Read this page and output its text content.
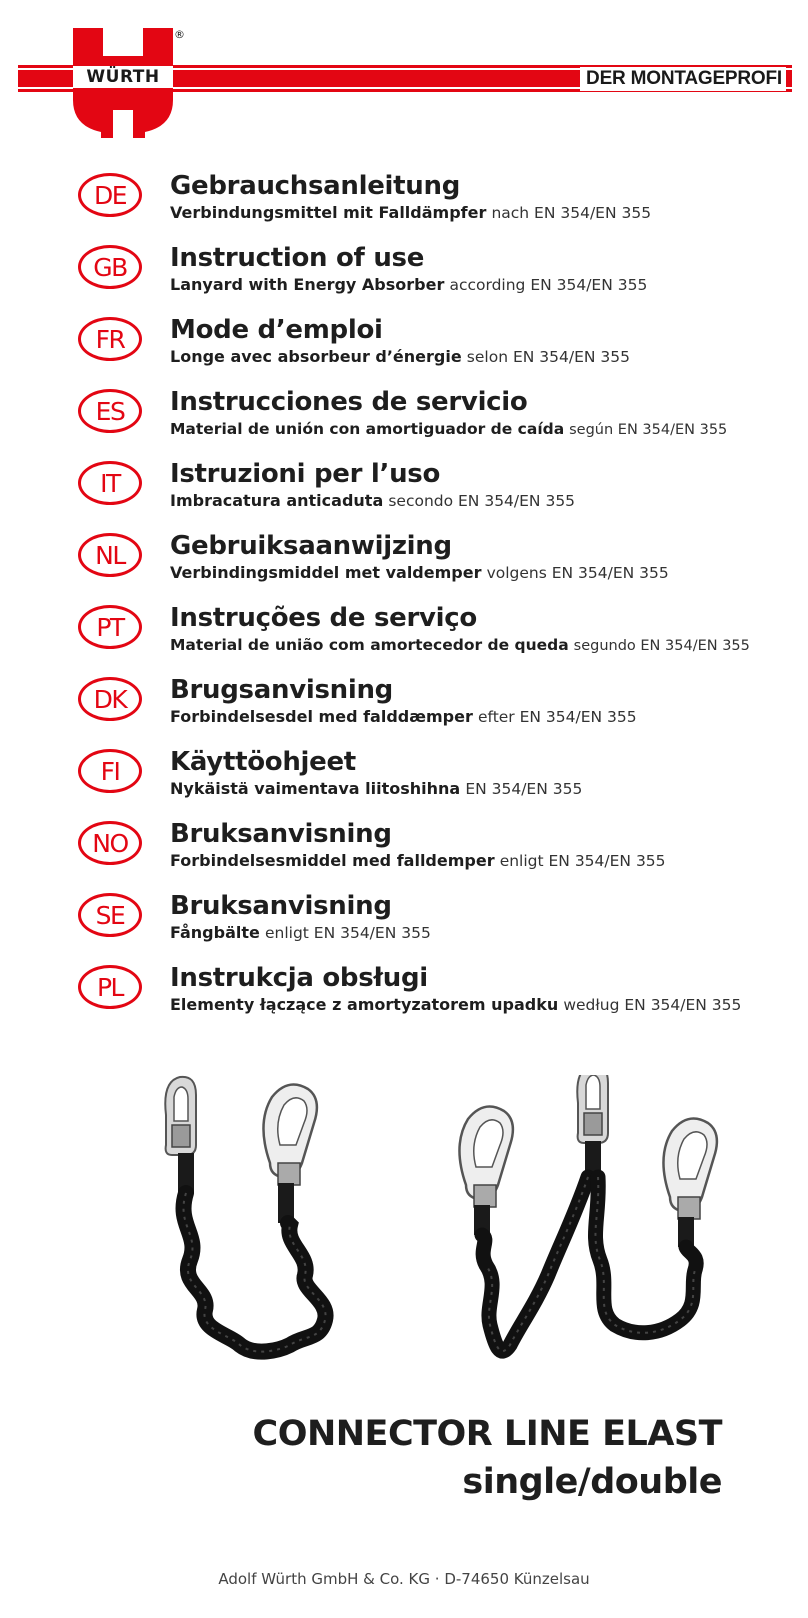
WÜRTH
®
DER MONTAGEPROFI
DE	Gebrauchsanleitung
Verbindungsmittel mit Falldämpfer nach EN 354/EN 355
GB	Instruction of use
Lanyard with Energy Absorber according EN 354/EN 355
FR	Mode d’emploi
Longe avec absorbeur d’énergie selon EN 354/EN 355
ES	Instrucciones de servicio
Material de unión con amortiguador de caída según EN 354/EN 355
IT	Istruzioni per l’uso
Imbracatura anticaduta secondo EN 354/EN 355
NL	Gebruiksaanwijzing
Verbindingsmiddel met valdemper volgens EN 354/EN 355
PT	Instruções de serviço
Material de união com amortecedor de queda segundo EN 354/EN 355
DK	Brugsanvisning
Forbindelsesdel med falddæmper efter EN 354/EN 355
FI	Käyttöohjeet
Nykäistä vaimentava liitoshihna EN 354/EN 355
NO	Bruksanvisning
Forbindelsesmiddel med falldemper enligt EN 354/EN 355
SE	Bruksanvisning
Fångbälte enligt EN 354/EN 355
PL	Instrukcja obsługi
Elementy łączące z amortyzatorem upadku według EN 354/EN 355
CONNECTOR LINE ELAST
single/double
Adolf Würth GmbH & Co. KG · D-74650 Künzelsau
